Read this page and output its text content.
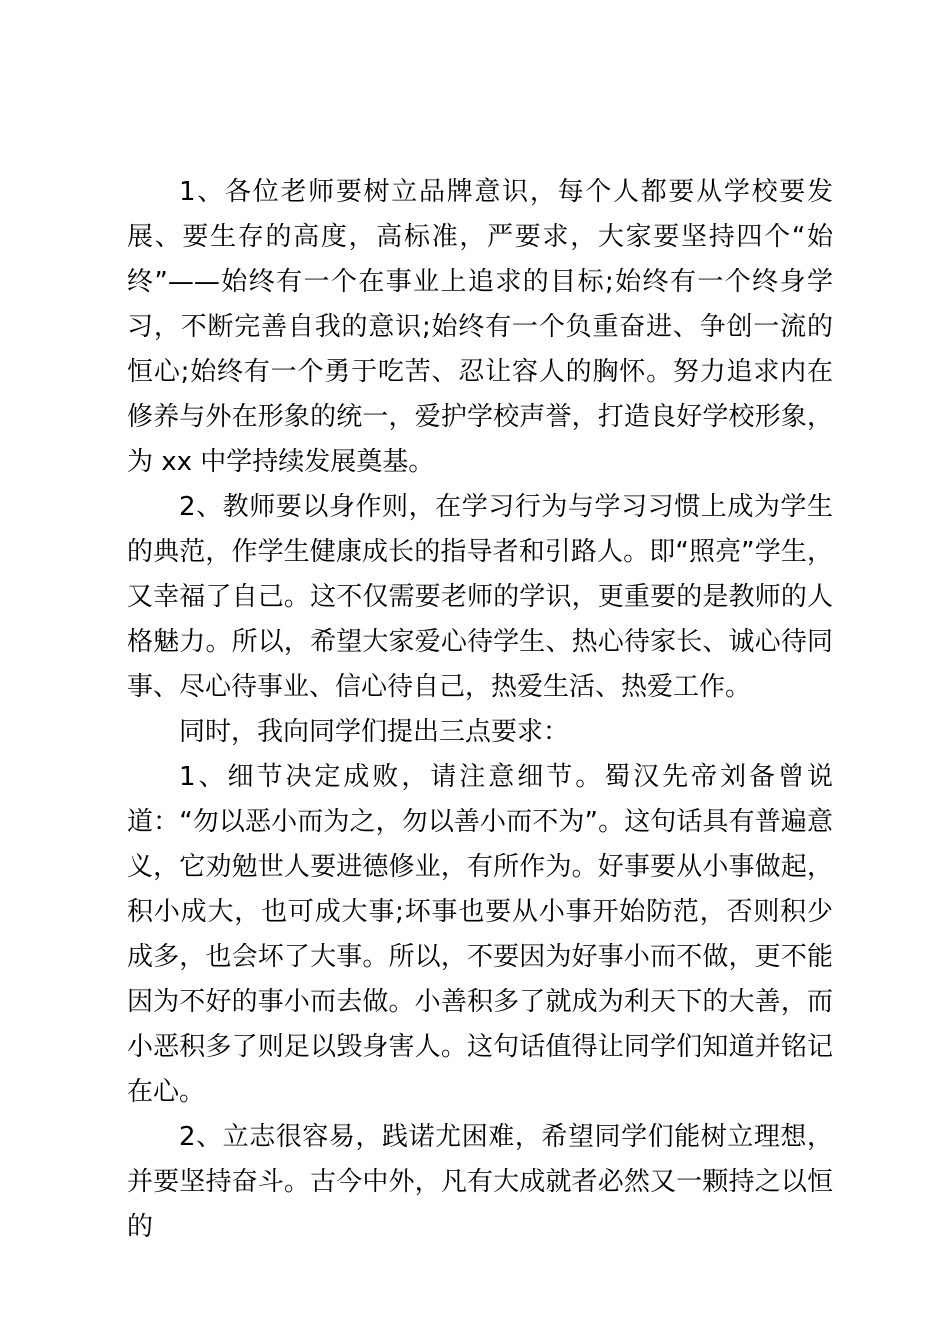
1、各位老师要树立品牌意识，每个人都要从学校要发展、要生存的高度，高标准，严要求，大家要坚持四个“始终”——始终有一个在事业上追求的目标;始终有一个终身学习，不断完善自我的意识;始终有一个负重奋进、争创一流的恒心;始终有一个勇于吃苦、忍让容人的胸怀。努力追求内在修养与外在形象的统一，爱护学校声誉，打造良好学校形象，为 xx 中学持续发展奠基。

2、教师要以身作则，在学习行为与学习习惯上成为学生的典范，作学生健康成长的指导者和引路人。即“照亮”学生，又幸福了自己。这不仅需要老师的学识，更重要的是教师的人格魅力。所以，希望大家爱心待学生、热心待家长、诚心待同事、尽心待事业、信心待自己，热爱生活、热爱工作。

同时，我向同学们提出三点要求：

1、细节决定成败，请注意细节。蜀汉先帝刘备曾说道：“勿以恶小而为之，勿以善小而不为”。这句话具有普遍意义，它劝勉世人要进德修业，有所作为。好事要从小事做起，积小成大，也可成大事;坏事也要从小事开始防范，否则积少成多，也会坏了大事。所以，不要因为好事小而不做，更不能因为不好的事小而去做。小善积多了就成为利天下的大善，而小恶积多了则足以毁身害人。这句话值得让同学们知道并铭记在心。

2、立志很容易，践诺尤困难，希望同学们能树立理想，并要坚持奋斗。古今中外，凡有大成就者必然又一颗持之以恒的
